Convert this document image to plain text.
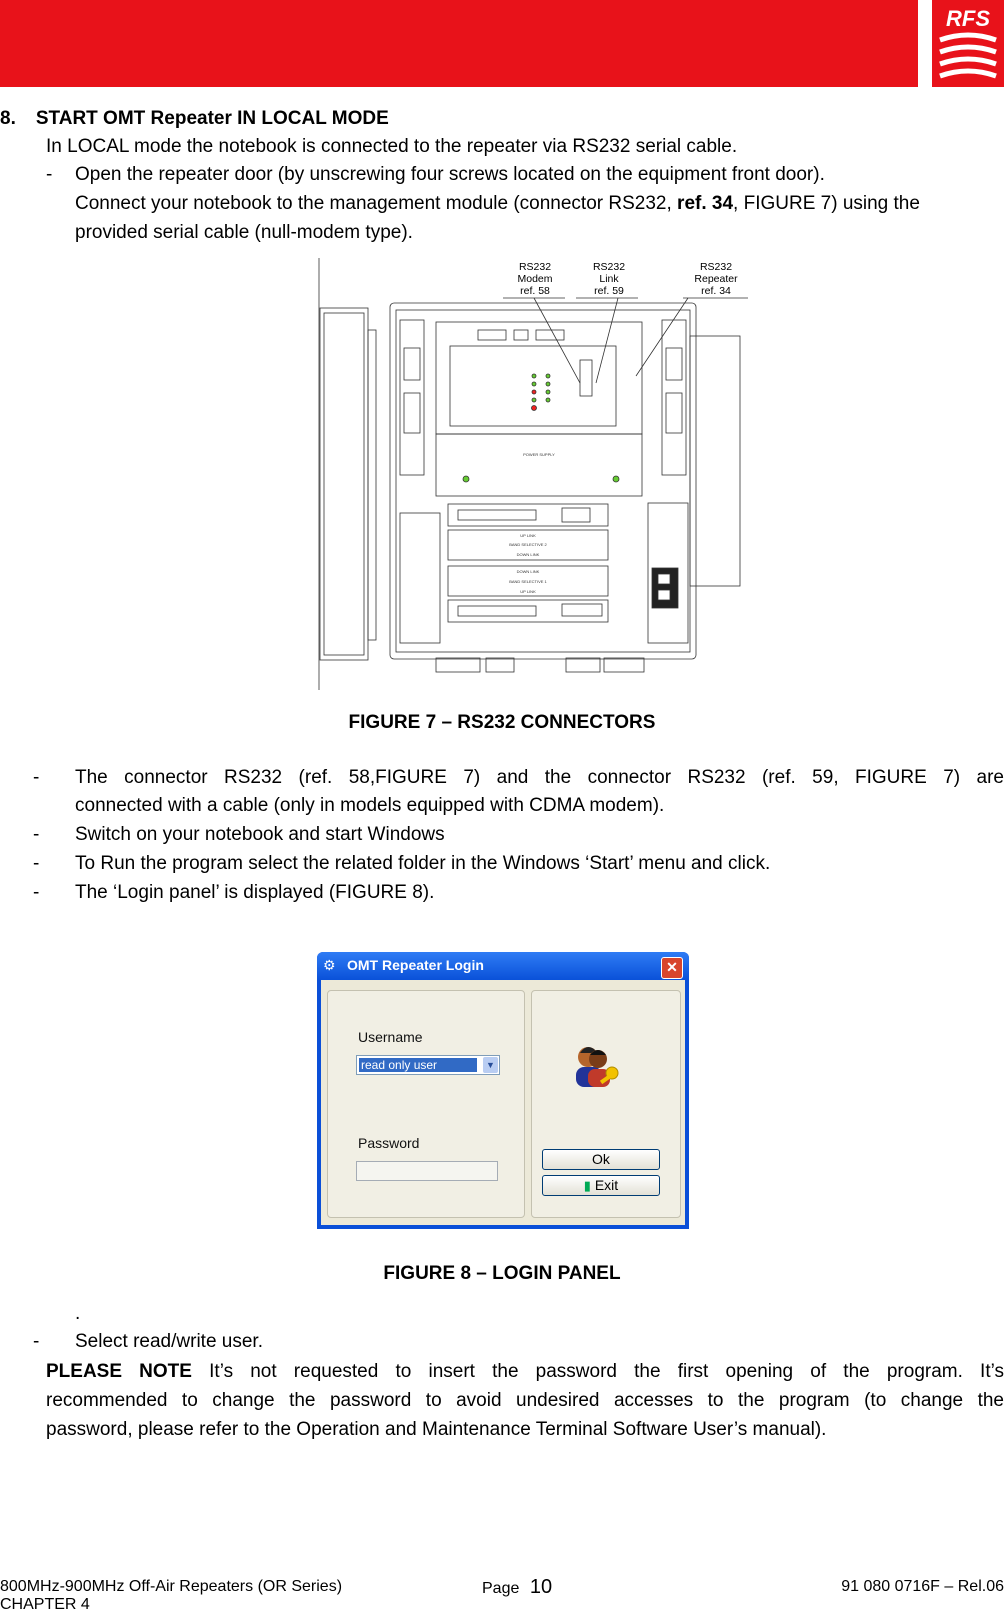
RFS
8. START OMT Repeater IN LOCAL MODE
In LOCAL mode the notebook is connected to the repeater via RS232 serial cable.
- Open the repeater door (by unscrewing four screws located on the equipment front door).
Connect your notebook to the management module (connector RS232, ref. 34, FIGURE 7) using the
provided serial cable (null-modem type).
RS232
Modem
ref. 58
RS232
Link
ref. 59
RS232
Repeater
ref. 34
POWER SUPPLY
UP LINK
BAND SELECTIVE 2
DOWN LINK
DOWN LINK
BAND SELECTIVE 1
UP LINK
FIGURE 7 – RS232 CONNECTORS
- The connector RS232 (ref. 58,FIGURE 7) and the connector RS232 (ref. 59, FIGURE 7) are
connected with a cable (only in models equipped with CDMA modem).
- Switch on your notebook and start Windows
- To Run the program select the related folder in the Windows ‘Start’ menu and click.
- The ‘Login panel’ is displayed (FIGURE 8).
⚙ OMT Repeater Login	✕
Username
read only user	▼
Password
Ok
▮ Exit
FIGURE 8 – LOGIN PANEL
.
- Select read/write user.
PLEASE NOTE It’s not requested to insert the password the first opening of the program. It’s
recommended to change the password to avoid undesired accesses to the program (to change the
password, please refer to the Operation and Maintenance Terminal Software User’s manual).
800MHz-900MHz Off-Air Repeaters (OR Series)
CHAPTER 4
Page 10	91 080 0716F – Rel.06
